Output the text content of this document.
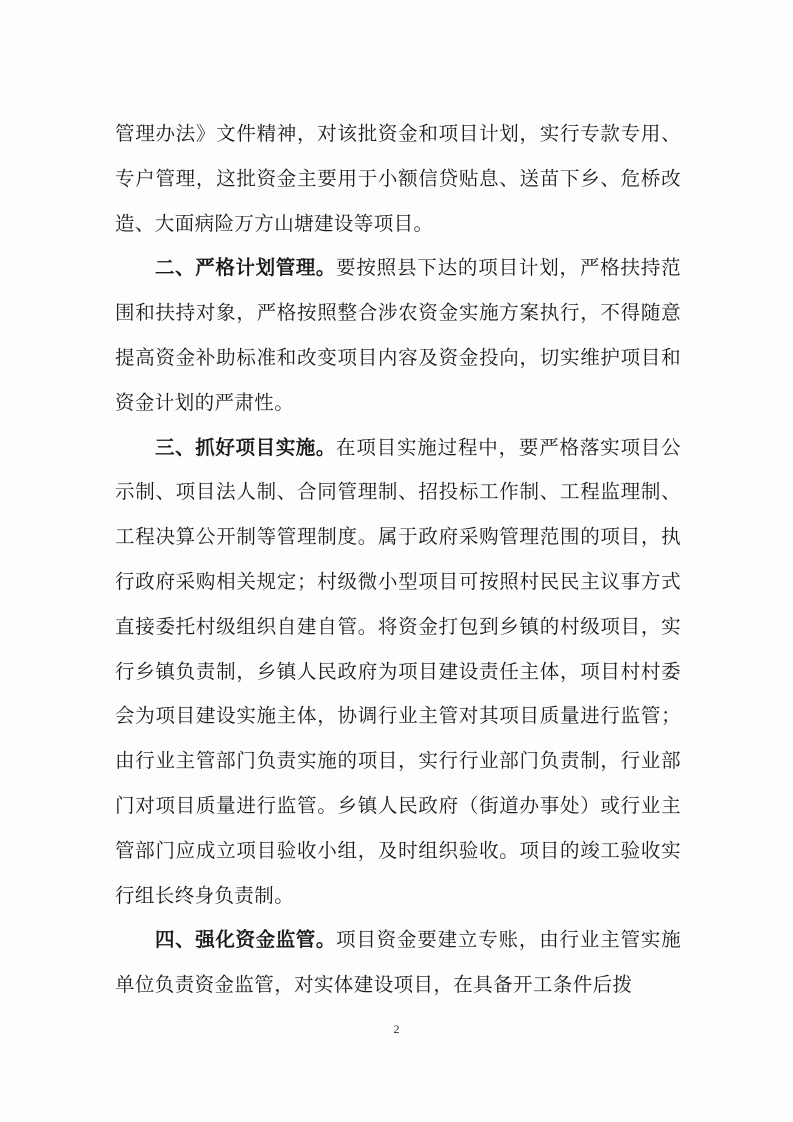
管理办法》文件精神，对该批资金和项目计划，实行专款专用、专户管理，这批资金主要用于小额信贷贴息、送苗下乡、危桥改造、大面病险万方山塘建设等项目。

二、严格计划管理。要按照县下达的项目计划，严格扶持范围和扶持对象，严格按照整合涉农资金实施方案执行，不得随意提高资金补助标准和改变项目内容及资金投向，切实维护项目和资金计划的严肃性。

三、抓好项目实施。在项目实施过程中，要严格落实项目公示制、项目法人制、合同管理制、招投标工作制、工程监理制、工程决算公开制等管理制度。属于政府采购管理范围的项目，执行政府采购相关规定；村级微小型项目可按照村民民主议事方式直接委托村级组织自建自管。将资金打包到乡镇的村级项目，实行乡镇负责制，乡镇人民政府为项目建设责任主体，项目村村委会为项目建设实施主体，协调行业主管对其项目质量进行监管；由行业主管部门负责实施的项目，实行行业部门负责制，行业部门对项目质量进行监管。乡镇人民政府（街道办事处）或行业主管部门应成立项目验收小组，及时组织验收。项目的竣工验收实行组长终身负责制。

四、强化资金监管。项目资金要建立专账，由行业主管实施单位负责资金监管，对实体建设项目，在具备开工条件后拨

2
